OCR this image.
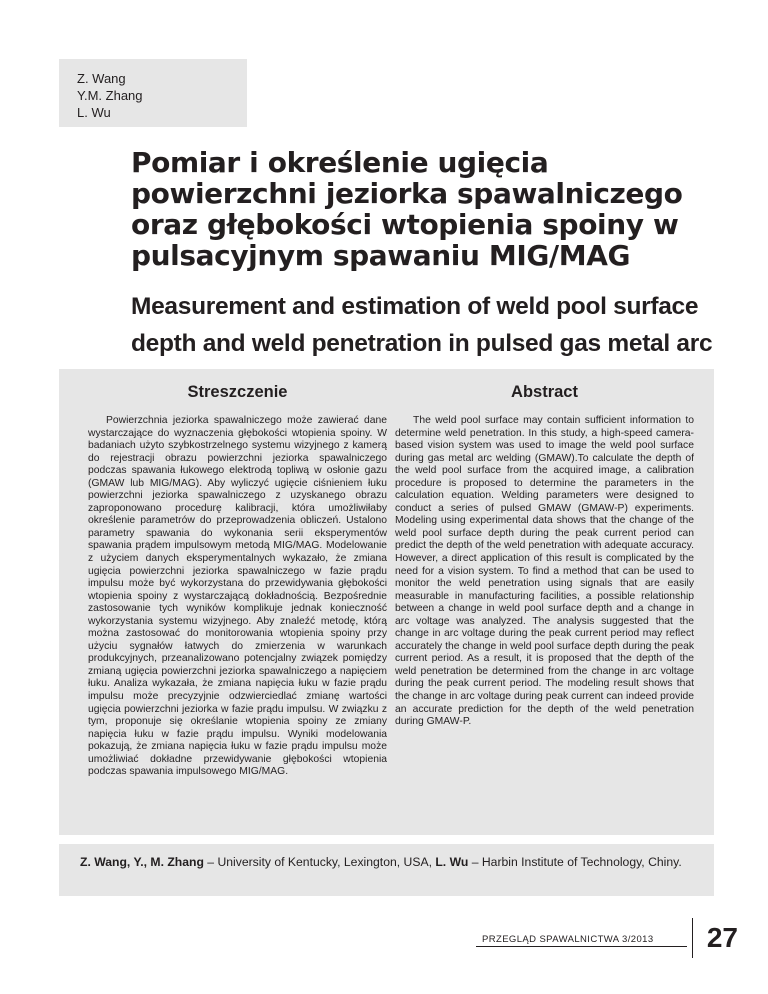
Z. Wang
Y.M. Zhang
L. Wu
Pomiar i określenie ugięcia powierzchni jeziorka spawalniczego oraz głębokości wtopienia spoiny w pulsacyjnym spawaniu MIG/MAG
Measurement and estimation of weld pool surface depth and weld penetration in pulsed gas metal arc
Streszczenie

Powierzchnia jeziorka spawalniczego może zawierać dane wystarczające do wyznaczenia głębokości wtopienia spoiny. W badaniach użyto szybkostrzelnego systemu wizyjnego z kamerą do rejestracji obrazu powierzchni jeziorka spawalniczego podczas spawania łukowego elektrodą topliwą w osłonie gazu (GMAW lub MIG/MAG). Aby wyliczyć ugięcie ciśnieniem łuku powierzchni jeziorka spawalniczego z uzyskanego obrazu zaproponowano procedurę kalibracji, która umożliwiłaby określenie parametrów do przeprowadzenia obliczeń. Ustalono parametry spawania do wykonania serii eksperymentów spawania prądem impulsowym metodą MIG/MAG. Modelowanie z użyciem danych eksperymentalnych wykazało, że zmiana ugięcia powierzchni jeziorka spawalniczego w fazie prądu impulsu może być wykorzystana do przewidywania głębokości wtopienia spoiny z wystarczającą dokładnością. Bezpośrednie zastosowanie tych wyników komplikuje jednak konieczność wykorzystania systemu wizyjnego. Aby znaleźć metodę, którą można zastosować do monitorowania wtopienia spoiny przy użyciu sygnałów łatwych do zmierzenia w warunkach produkcyjnych, przeanalizowano potencjalny związek pomiędzy zmianą ugięcia powierzchni jeziorka spawalniczego a napięciem łuku. Analiza wykazała, że zmiana napięcia łuku w fazie prądu impulsu może precyzyjnie odzwierciedlać zmianę wartości ugięcia powierzchni jeziorka w fazie prądu impulsu. W związku z tym, proponuje się określanie wtopienia spoiny ze zmiany napięcia łuku w fazie prądu impulsu. Wyniki modelowania pokazują, że zmiana napięcia łuku w fazie prądu impulsu może umożliwiać dokładne przewidywanie głębokości wtopienia podczas spawania impulsowego MIG/MAG.

Abstract

The weld pool surface may contain sufficient information to determine weld penetration. In this study, a high-speed camera-based vision system was used to image the weld pool surface during gas metal arc welding (GMAW).To calculate the depth of the weld pool surface from the acquired image, a calibration procedure is proposed to determine the parameters in the calculation equation. Welding parameters were designed to conduct a series of pulsed GMAW (GMAW-P) experiments. Modeling using experimental data shows that the change of the weld pool surface depth during the peak current period can predict the depth of the weld penetration with adequate accuracy. However, a direct application of this result is complicated by the need for a vision system. To find a method that can be used to monitor the weld penetration using signals that are easily measurable in manufacturing facilities, a possible relationship between a change in weld pool surface depth and a change in arc voltage was analyzed. The analysis suggested that the change in arc voltage during the peak current period may reflect accurately the change in weld pool surface depth during the peak current period. As a result, it is proposed that the depth of the weld penetration be determined from the change in arc voltage during the peak current period. The modeling result shows that the change in arc voltage during peak current can indeed provide an accurate prediction for the depth of the weld penetration during GMAW-P.

Z. Wang, Y., M. Zhang – University of Kentucky, Lexington, USA, L. Wu – Harbin Institute of Technology, Chiny.
PRZEGLĄD SPAWALNICTWA 3/2013	27
